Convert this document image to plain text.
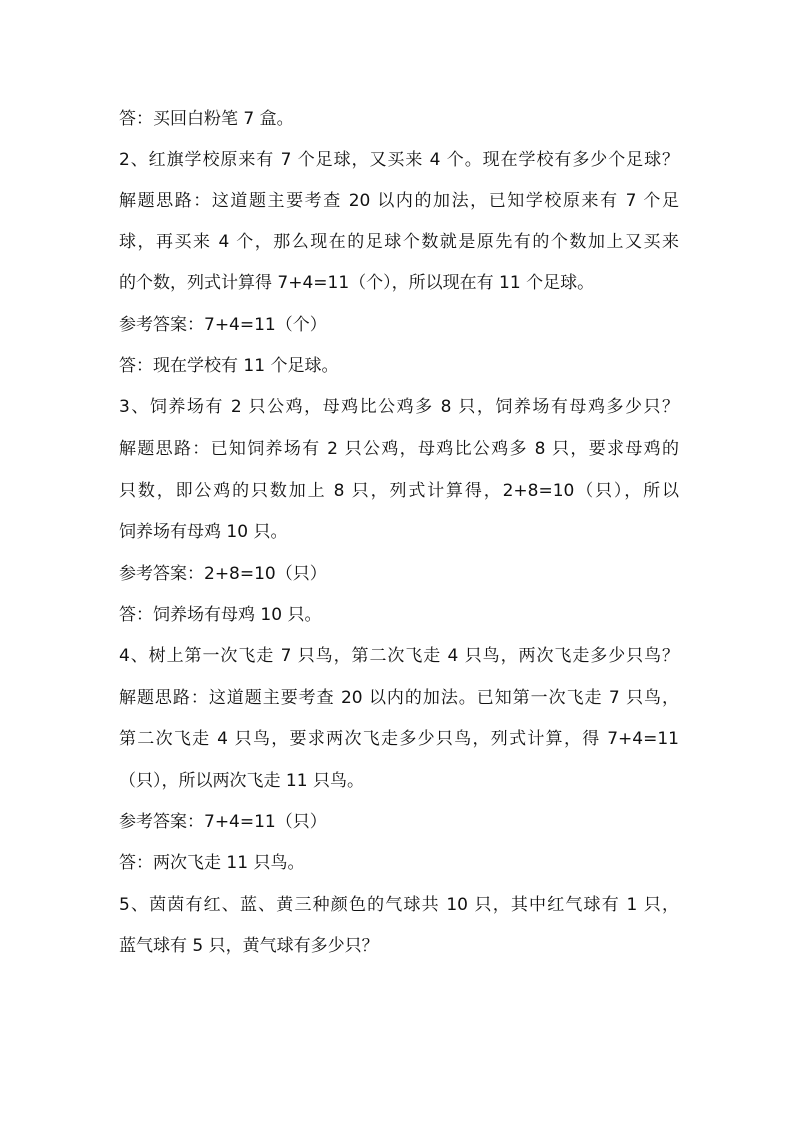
答：买回白粉笔 7 盒。
2、红旗学校原来有 7 个足球，又买来 4 个。现在学校有多少个足球？
解题思路：这道题主要考查 20 以内的加法，已知学校原来有 7 个足
球，再买来 4 个，那么现在的足球个数就是原先有的个数加上又买来
的个数，列式计算得 7+4=11（个），所以现在有 11 个足球。
参考答案：7+4=11（个）
答：现在学校有 11 个足球。
3、饲养场有 2 只公鸡，母鸡比公鸡多 8 只，饲养场有母鸡多少只？
解题思路：已知饲养场有 2 只公鸡，母鸡比公鸡多 8 只，要求母鸡的
只数，即公鸡的只数加上 8 只，列式计算得，2+8=10（只），所以
饲养场有母鸡 10 只。
参考答案：2+8=10（只）
答：饲养场有母鸡 10 只。
4、树上第一次飞走 7 只鸟，第二次飞走 4 只鸟，两次飞走多少只鸟？
解题思路：这道题主要考查 20 以内的加法。已知第一次飞走 7 只鸟，
第二次飞走 4 只鸟，要求两次飞走多少只鸟，列式计算，得 7+4=11
（只），所以两次飞走 11 只鸟。
参考答案：7+4=11（只）
答：两次飞走 11 只鸟。
5、茵茵有红、蓝、黄三种颜色的气球共 10 只，其中红气球有 1 只，
蓝气球有 5 只，黄气球有多少只？
